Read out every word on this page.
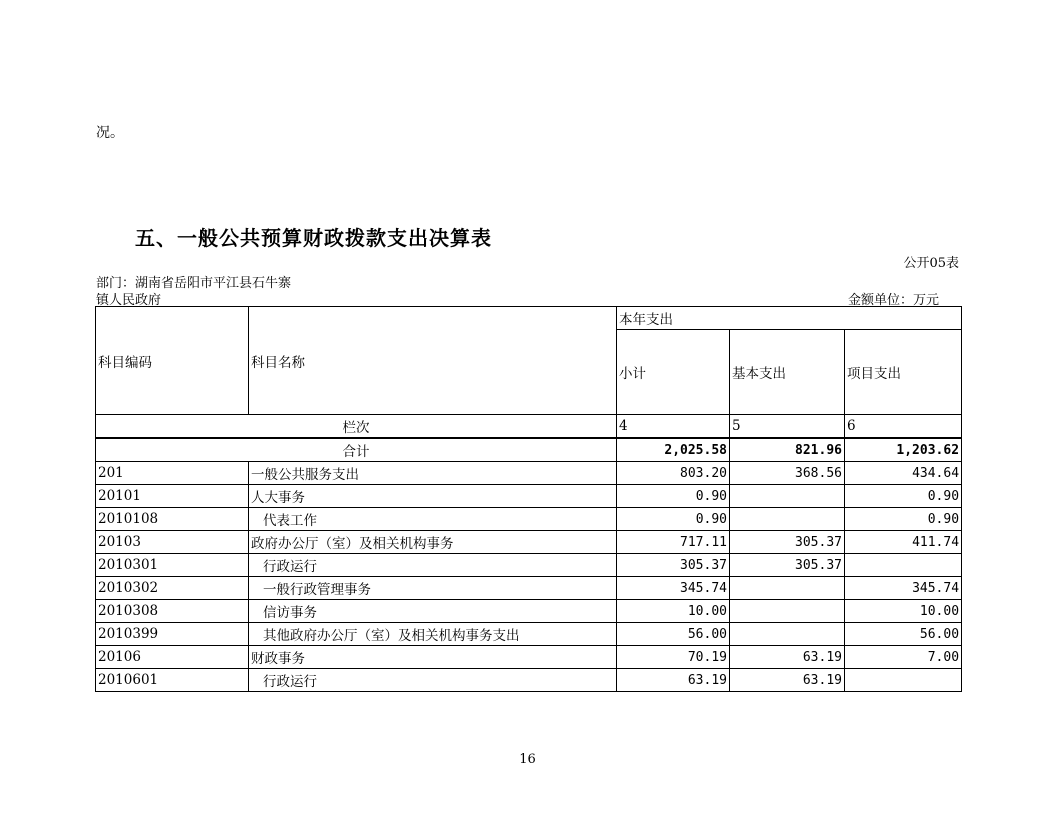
况。
五、一般公共预算财政拨款支出决算表
公开05表
部门：湖南省岳阳市平江县石牛寨
镇人民政府	金额单位：万元
科目编码	科目名称	本年支出		
		小计	基本支出	项目支出
栏次		4	5	6
合计		2,025.58	821.96	1,203.62
201	一般公共服务支出	803.20	368.56	434.64
20101	人大事务	0.90		0.90
2010108	代表工作	0.90		0.90
20103	政府办公厅（室）及相关机构事务	717.11	305.37	411.74
2010301	行政运行	305.37	305.37	
2010302	一般行政管理事务	345.74		345.74
2010308	信访事务	10.00		10.00
2010399	其他政府办公厅（室）及相关机构事务支出	56.00		56.00
20106	财政事务	70.19	63.19	7.00
2010601	行政运行	63.19	63.19	
16
